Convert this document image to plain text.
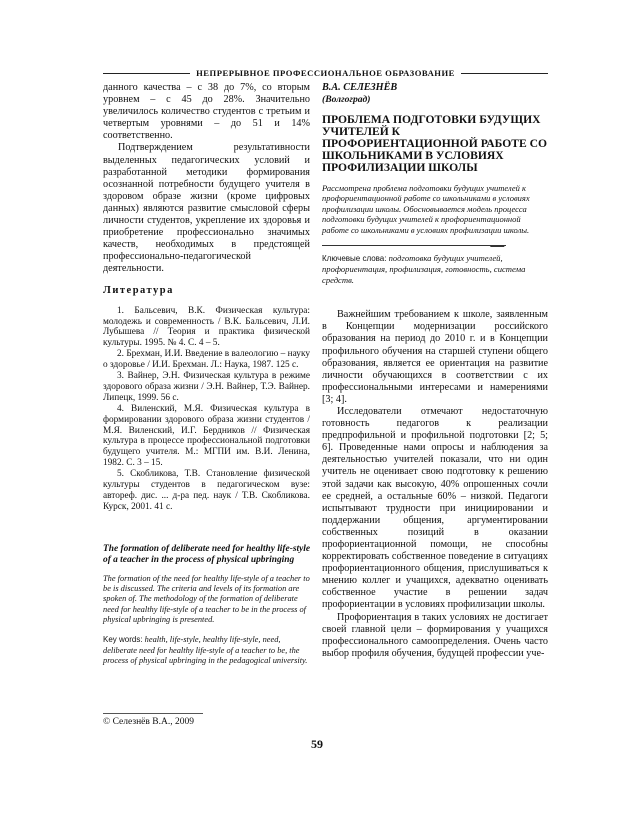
НЕПРЕРЫВНОЕ ПРОФЕССИОНАЛЬНОЕ ОБРАЗОВАНИЕ

данного качества – с 38 до 7%, со вторым уровнем – с 45 до 28%. Значительно увеличилось количество студентов с третьим и четвертым уровнями – до 51 и 14% соответственно.

Подтверждением результативности выделенных педагогических условий и разработанной методики формирования осознанной потребности будущего учителя в здоровом образе жизни (кроме цифровых данных) являются развитие смысловой сферы личности студентов, укрепление их здоровья и приобретение профессионально значимых качеств, необходимых в предстоящей профессионально-педагогической деятельности.

Литература

1. Бальсевич, В.К. Физическая культура: молодежь и современность / В.К. Бальсевич, Л.И. Лубышева // Теория и практика физической культуры. 1995. № 4. С. 4 – 5.

2. Брехман, И.И. Введение в валеологию – науку о здоровье / И.И. Брехман. Л.: Наука, 1987. 125 с.

3. Вайнер, Э.Н. Физическая культура в режиме здорового образа жизни / Э.Н. Вайнер, Т.Э. Вайнер. Липецк, 1999. 56 с.

4. Виленский, М.Я. Физическая культура в формировании здорового образа жизни студентов / М.Я. Виленский, И.Г. Бердников // Физическая культура в процессе профессиональной подготовки будущего учителя. М.: МГПИ им. В.И. Ленина, 1982. С. 3 – 15.

5. Скобликова, Т.В. Становление физической культуры студентов в педагогическом вузе: автореф. дис. ... д-ра пед. наук / Т.В. Скобликова. Курск, 2001. 41 с.

The formation of deliberate need for healthy life-style of a teacher in the process of physical upbringing
The formation of the need for healthy life-style of a teacher to be is discussed. The criteria and levels of its formation are spoken of. The methodology of the formation of deliberate need for healthy life-style of a teacher to be in the process of physical upbringing is presented.
Key words: health, life-style, healthy life-style, need, deliberate need for healthy life-style of a teacher to be, the process of physical upbringing in the pedagogical university.
В.А. СЕЛЕЗНЁВ
(Волгоград)
ПРОБЛЕМА ПОДГОТОВКИ БУДУЩИХ УЧИТЕЛЕЙ К ПРОФОРИЕНТАЦИОННОЙ РАБОТЕ СО ШКОЛЬНИКАМИ В УСЛОВИЯХ ПРОФИЛИЗАЦИИ ШКОЛЫ
Рассмотрена проблема подготовки будущих учителей к профориентационной работе со школьниками в условиях профилизации школы. Обосновывается модель процесса подготовки будущих учителей к профориентационной работе со школьниками в условиях профилизации школы.
Ключевые слова: подготовка будущих учителей, профориентация, профилизация, готовность, система средств.

Важнейшим требованием к школе, заявленным в Концепции модернизации российского образования на период до 2010 г. и в Концепции профильного обучения на старшей ступени общего образования, является ее ориентация на развитие личности обучающихся в соответствии с их профессиональными интересами и намерениями [3; 4].

Исследователи отмечают недостаточную готовность педагогов к реализации предпрофильной и профильной подготовки [2; 5; 6]. Проведенные нами опросы и наблюдения за деятельностью учителей показали, что ни один учитель не оценивает свою подготовку к решению этой задачи как высокую, 40% опрошенных сочли ее средней, а остальные 60% – низкой. Педагоги испытывают трудности при инициировании и поддержании общения, аргументировании собственных позиций в оказании профориентационной помощи, не способны корректировать собственное поведение в ситуациях профориентационного общения, прислушиваться к мнению коллег и учащихся, адекватно оценивать собственное участие в решении задач профориентации в условиях профилизации школы.

Профориентация в таких условиях не достигает своей главной цели – формирования у учащихся профессионального самоопределения. Очень часто выбор профиля обучения, будущей профессии уче-

© Селезнёв В.А., 2009
59
